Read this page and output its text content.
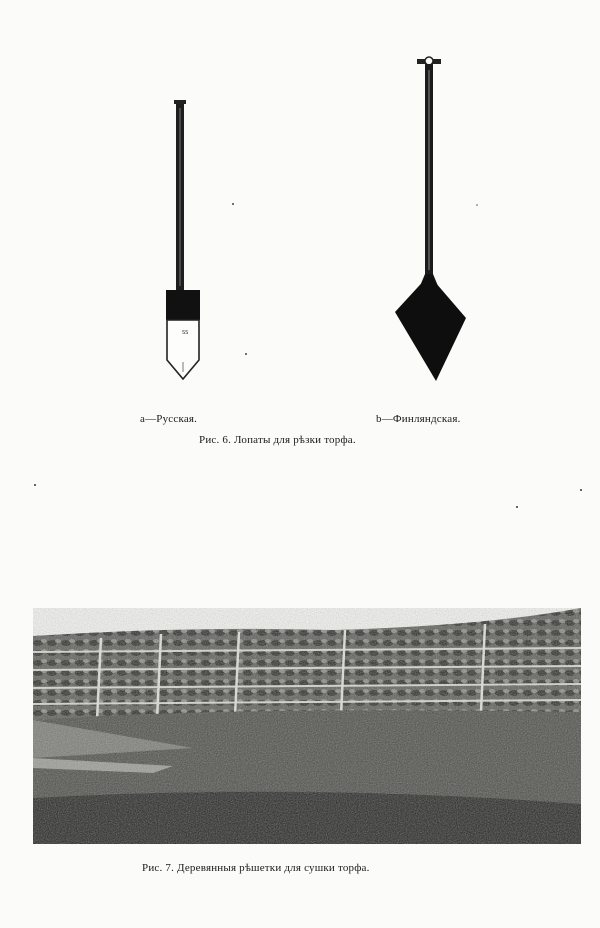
SS
a—Русская.	b—Финляндская.
Рис. 6. Лопаты для рѣзки торфа.
Рис. 7. Деревянныя рѣшетки для сушки торфа.
